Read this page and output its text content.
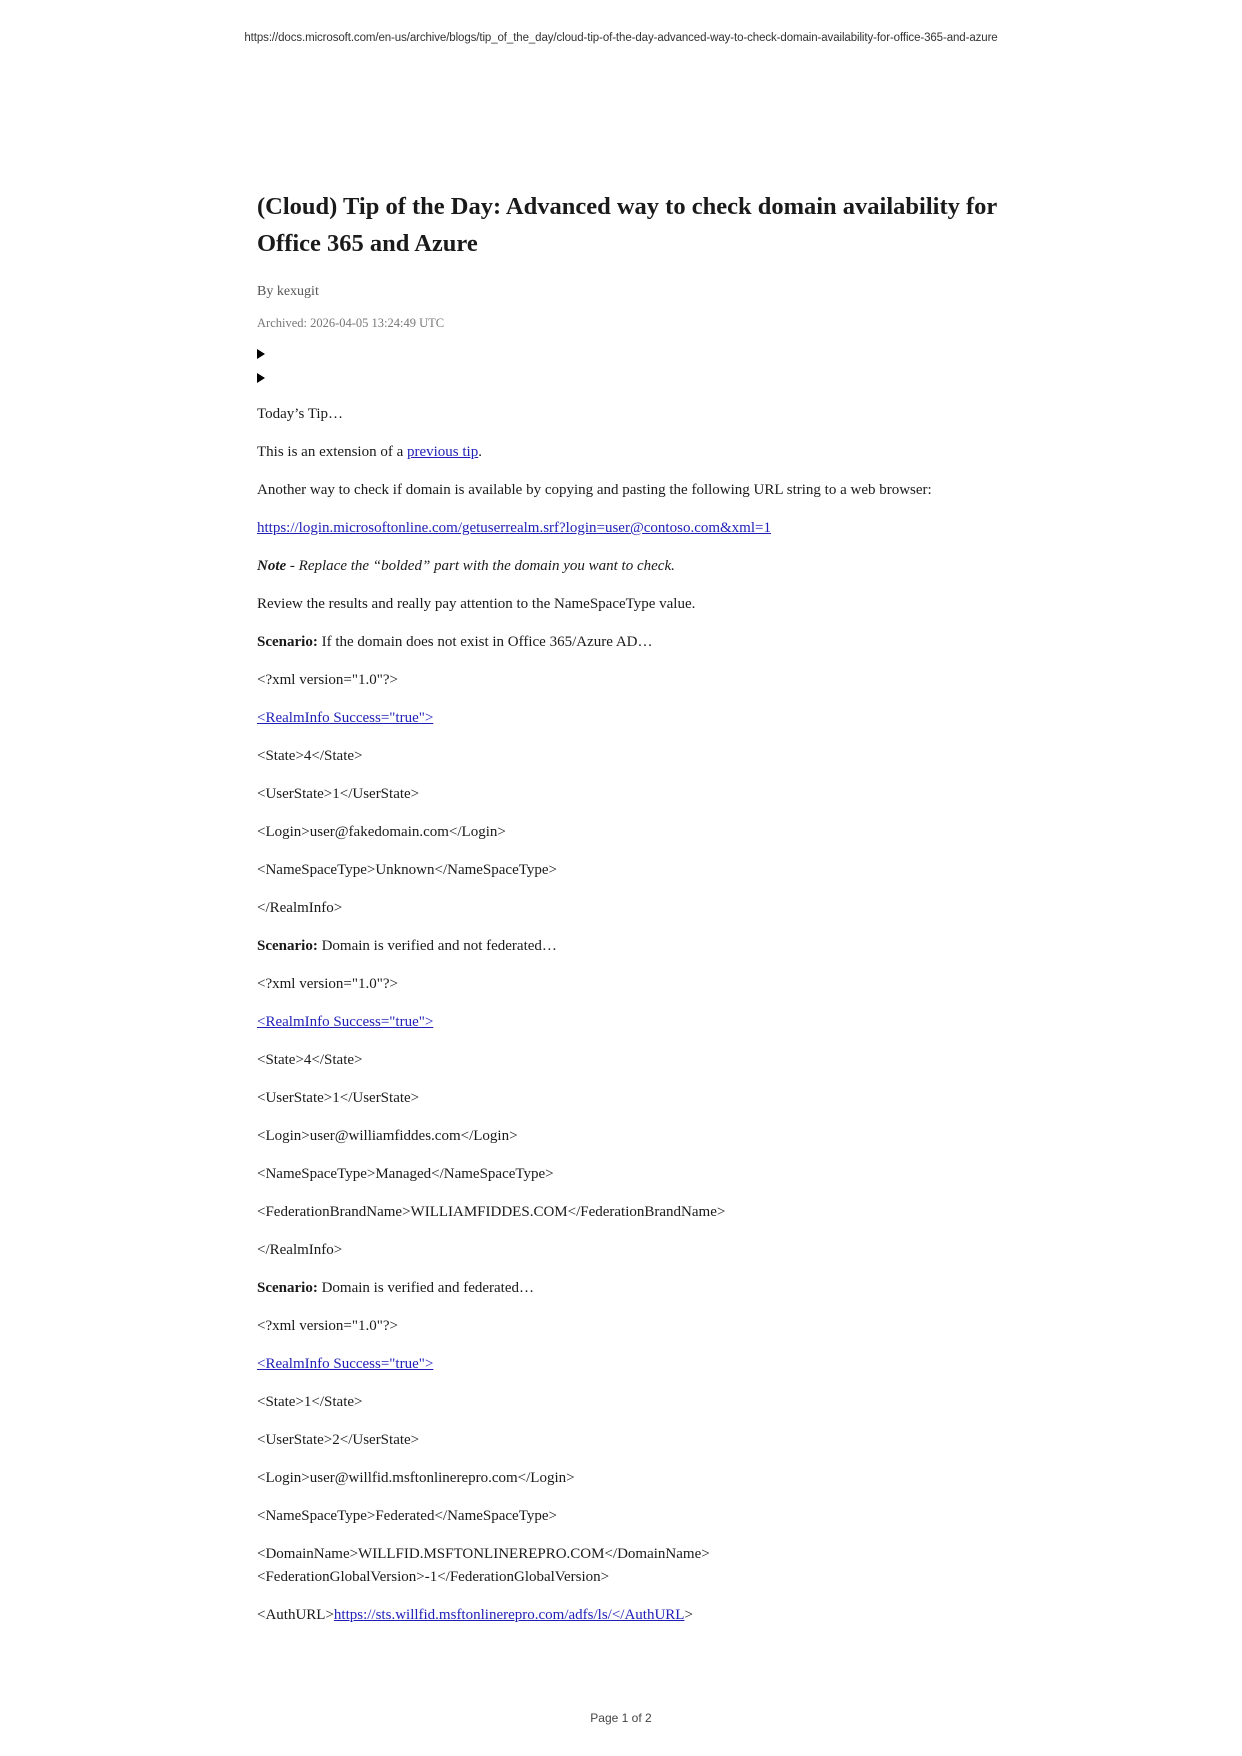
https://docs.microsoft.com/en-us/archive/blogs/tip_of_the_day/cloud-tip-of-the-day-advanced-way-to-check-domain-availability-for-office-365-and-azure
(Cloud) Tip of the Day: Advanced way to check domain availability for Office 365 and Azure
By kexugit
Archived: 2026-04-05 13:24:49 UTC

Today’s Tip…

This is an extension of a previous tip.

Another way to check if domain is available by copying and pasting the following URL string to a web browser:

https://login.microsoftonline.com/getuserrealm.srf?login=user@contoso.com&xml=1

Note - Replace the “bolded” part with the domain you want to check.

Review the results and really pay attention to the NameSpaceType value.

Scenario: If the domain does not exist in Office 365/Azure AD…

<?xml version="1.0"?>

<RealmInfo Success="true">

<State>4</State>

<UserState>1</UserState>

<Login>user@fakedomain.com</Login>

<NameSpaceType>Unknown</NameSpaceType>

</RealmInfo>

Scenario: Domain is verified and not federated…

<?xml version="1.0"?>

<RealmInfo Success="true">

<State>4</State>

<UserState>1</UserState>

<Login>user@williamfiddes.com</Login>

<NameSpaceType>Managed</NameSpaceType>

<FederationBrandName>WILLIAMFIDDES.COM</FederationBrandName>

</RealmInfo>

Scenario: Domain is verified and federated…

<?xml version="1.0"?>

<RealmInfo Success="true">

<State>1</State>

<UserState>2</UserState>

<Login>user@willfid.msftonlinerepro.com</Login>

<NameSpaceType>Federated</NameSpaceType>

<DomainName>WILLFID.MSFTONLINEREPRO.COM</DomainName>

<FederationGlobalVersion>-1</FederationGlobalVersion>

<AuthURL>https://sts.willfid.msftonlinerepro.com/adfs/ls/</AuthURL>

Page 1 of 2
